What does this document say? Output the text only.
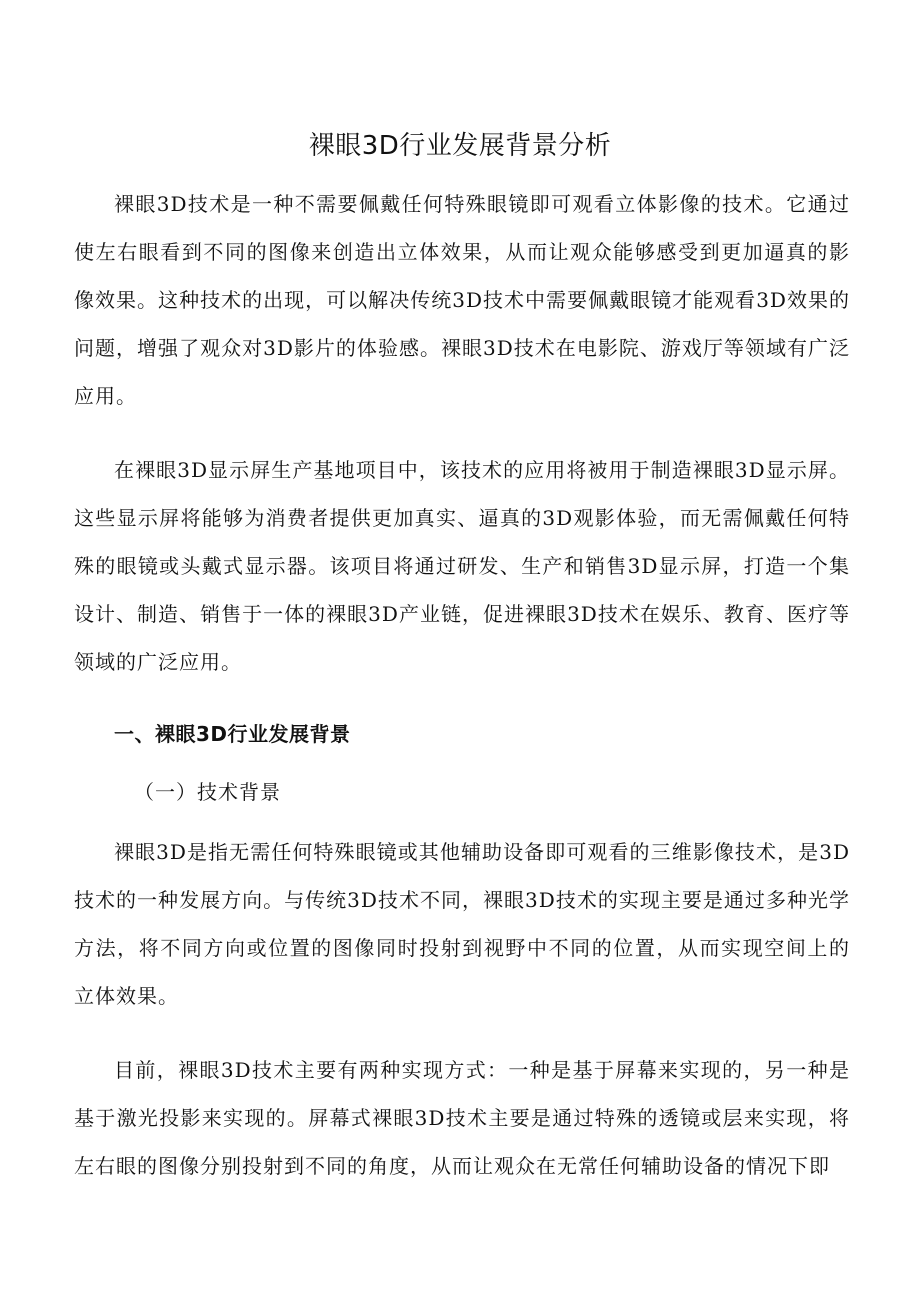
裸眼3D行业发展背景分析

裸眼3D技术是一种不需要佩戴任何特殊眼镜即可观看立体影像的技术。它通过使左右眼看到不同的图像来创造出立体效果，从而让观众能够感受到更加逼真的影像效果。这种技术的出现，可以解决传统3D技术中需要佩戴眼镜才能观看3D效果的问题，增强了观众对3D影片的体验感。裸眼3D技术在电影院、游戏厅等领域有广泛应用。

在裸眼3D显示屏生产基地项目中，该技术的应用将被用于制造裸眼3D显示屏。这些显示屏将能够为消费者提供更加真实、逼真的3D观影体验，而无需佩戴任何特殊的眼镜或头戴式显示器。该项目将通过研发、生产和销售3D显示屏，打造一个集设计、制造、销售于一体的裸眼3D产业链，促进裸眼3D技术在娱乐、教育、医疗等领域的广泛应用。

一、裸眼3D行业发展背景
（一）技术背景

裸眼3D是指无需任何特殊眼镜或其他辅助设备即可观看的三维影像技术，是3D技术的一种发展方向。与传统3D技术不同，裸眼3D技术的实现主要是通过多种光学方法，将不同方向或位置的图像同时投射到视野中不同的位置，从而实现空间上的立体效果。

目前，裸眼3D技术主要有两种实现方式：一种是基于屏幕来实现的，另一种是基于激光投影来实现的。屏幕式裸眼3D技术主要是通过特殊的透镜或层来实现，将左右眼的图像分别投射到不同的角度，从而让观众在无常任何辅助设备的情况下即
